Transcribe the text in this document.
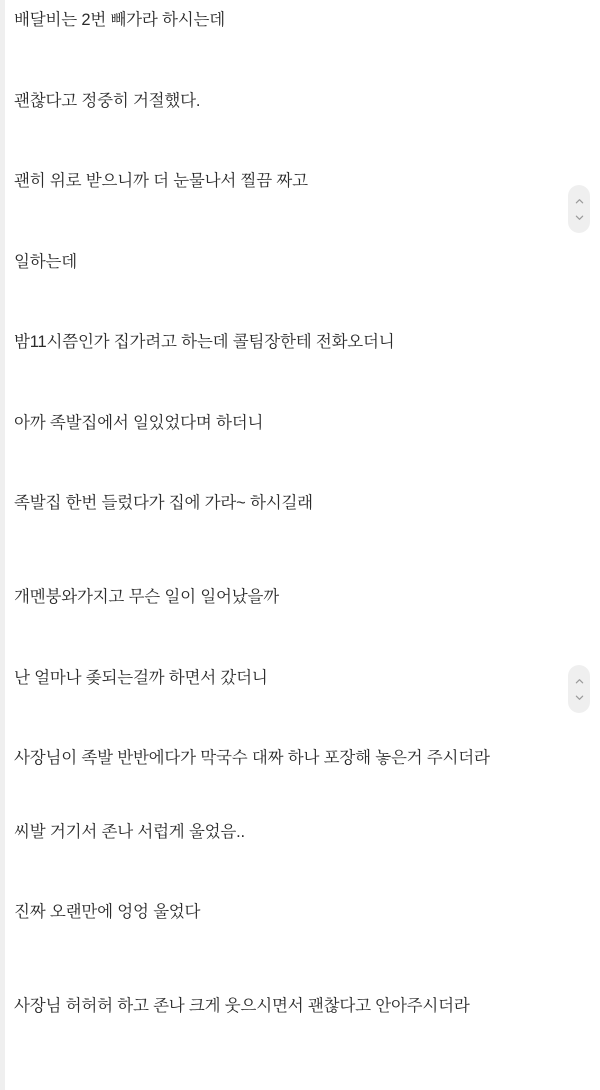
배달비는 2번 빼가라 하시는데

괜찮다고 정중히 거절했다.

괜히 위로 받으니까 더 눈물나서 찔끔 짜고

일하는데

밤11시쯤인가 집가려고 하는데 콜팀장한테 전화오더니

아까 족발집에서 일있었다며 하더니

족발집 한번 들렀다가 집에 가라~ 하시길래

개멘붕와가지고 무슨 일이 일어났을까

난 얼마나 좆되는걸까 하면서 갔더니

사장님이 족발 반반에다가 막국수 대짜 하나 포장해 놓은거 주시더라

씨발 거기서 존나 서럽게 울었음..

진짜 오랜만에 엉엉 울었다

사장님 허허허 하고 존나 크게 웃으시면서 괜찮다고 안아주시더라
